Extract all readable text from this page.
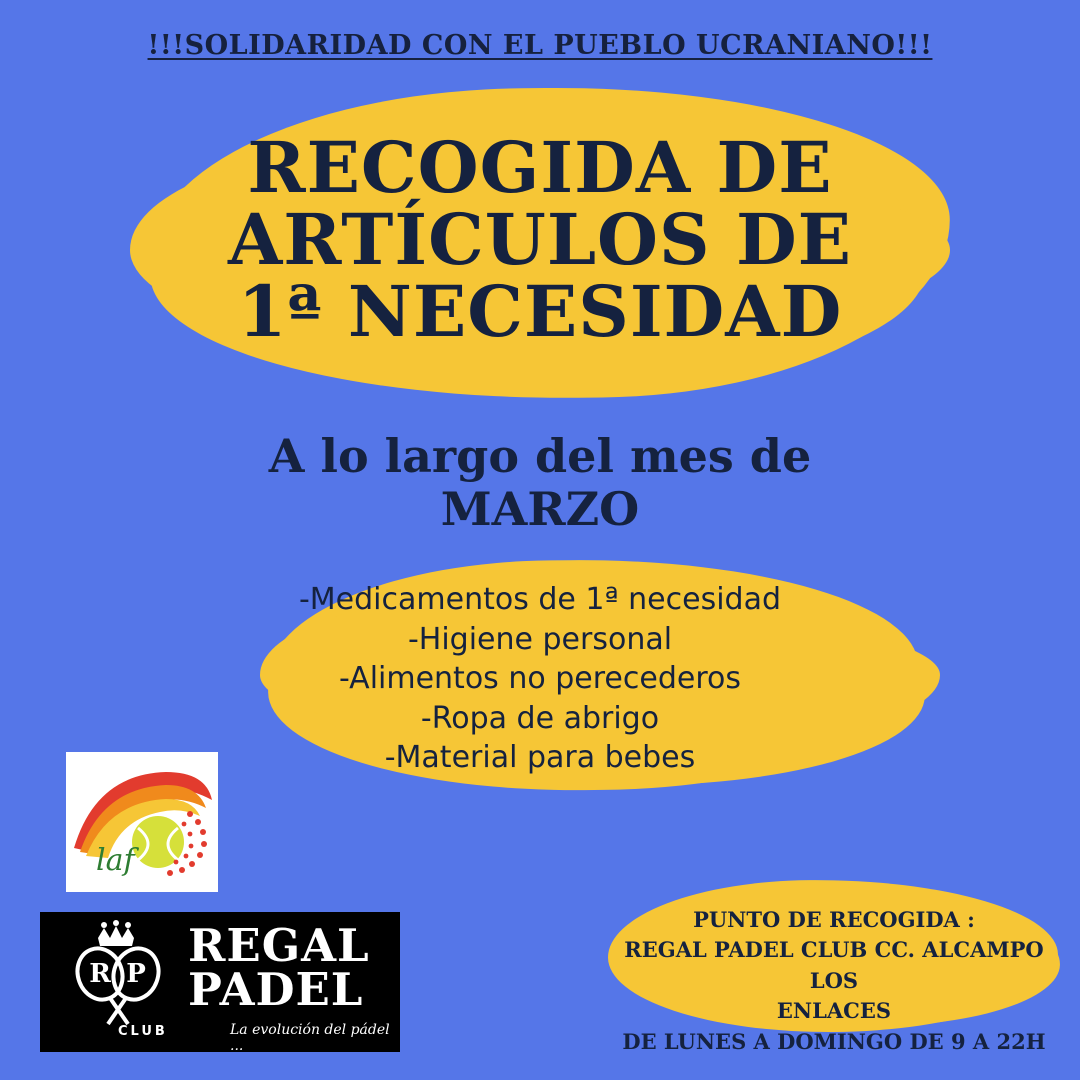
!!!SOLIDARIDAD CON EL PUEBLO UCRANIANO!!!
RECOGIDA DE
ARTÍCULOS DE
1ª NECESIDAD
A lo largo del mes de
MARZO
-Medicamentos de 1ª necesidad
-Higiene personal
-Alimentos no perecederos
-Ropa de abrigo
-Material para bebes
PUNTO DE RECOGIDA :
REGAL PADEL CLUB CC. ALCAMPO LOS
ENLACES
DE LUNES A DOMINGO DE 9 A 22H
laf
R P
CLUB
REGAL
PADEL
La evolución del pádel ...
